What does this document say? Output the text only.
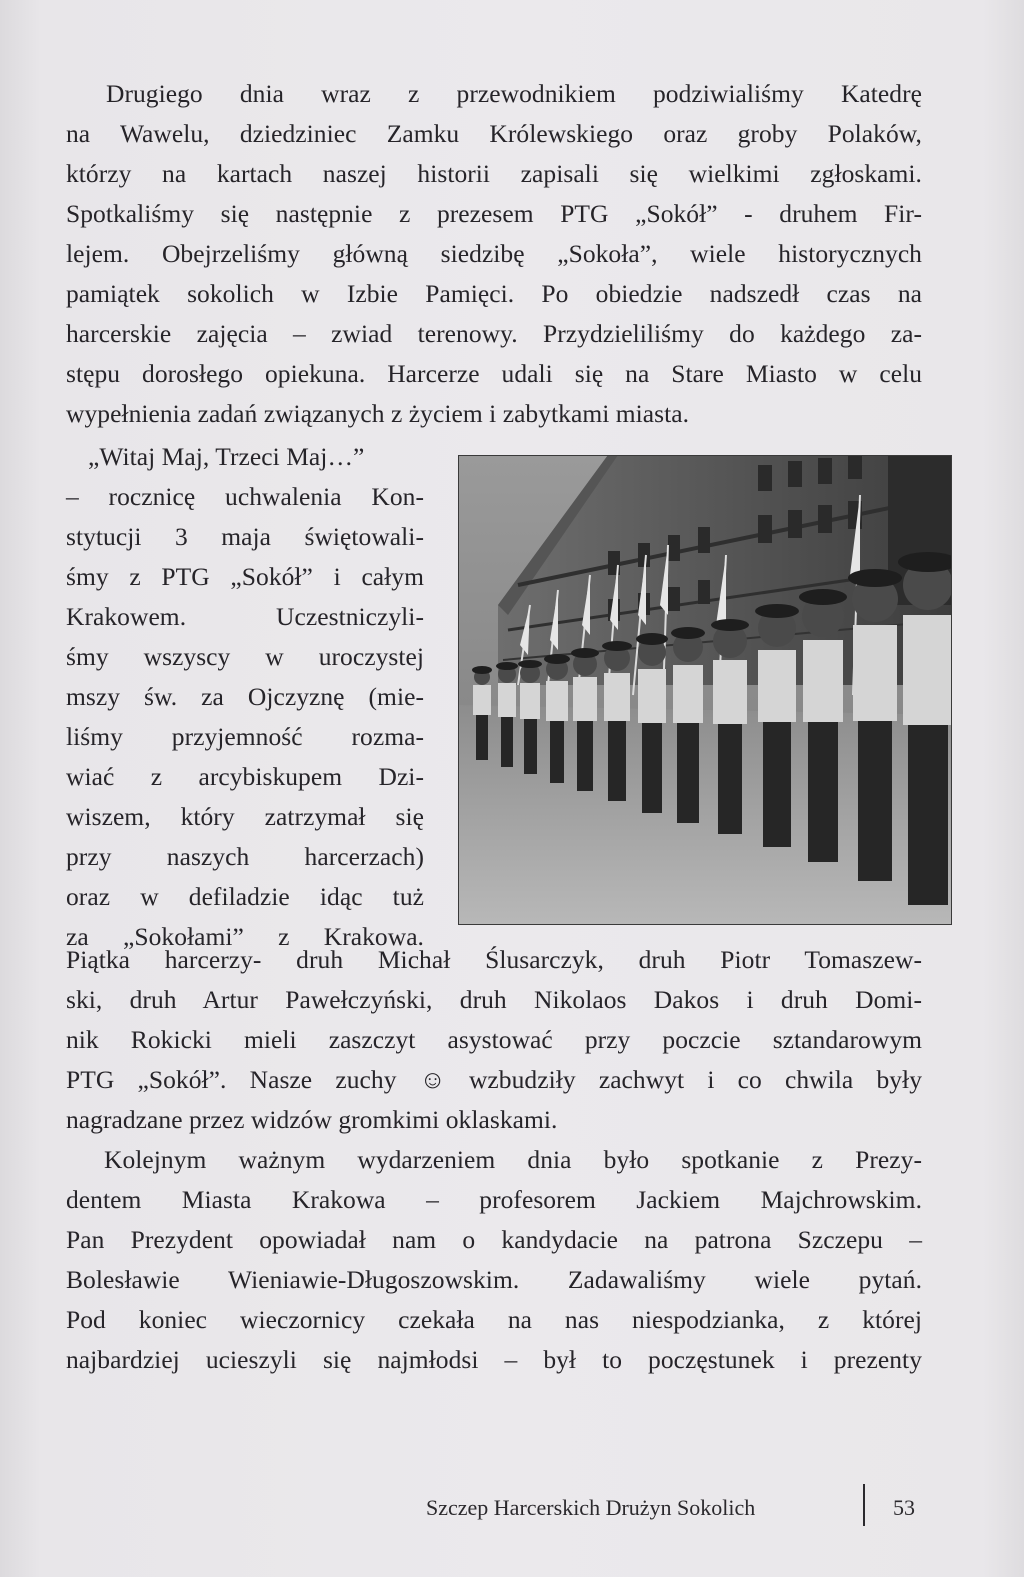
Drugiego dnia wraz z przewodnikiem podziwialiśmy Katedrę
na Wawelu, dziedziniec Zamku Królewskiego oraz groby Polaków,
którzy na kartach naszej historii zapisali się wielkimi zgłoskami.
Spotkaliśmy się następnie z prezesem PTG „Sokół” - druhem Fir-
lejem. Obejrzeliśmy główną siedzibę „Sokoła”, wiele historycznych
pamiątek sokolich w Izbie Pamięci. Po obiedzie nadszedł czas na
harcerskie zajęcia – zwiad terenowy. Przydzieliliśmy do każdego za-
stępu dorosłego opiekuna. Harcerze udali się na Stare Miasto w celu
wypełnienia zadań związanych z życiem i zabytkami miasta.
„Witaj Maj, Trzeci Maj…”
– rocznicę uchwalenia Kon-
stytucji 3 maja świętowali-
śmy z PTG „Sokół” i całym
Krakowem. Uczestniczyli-
śmy wszyscy w uroczystej
mszy św. za Ojczyznę (mie-
liśmy przyjemność rozma-
wiać z arcybiskupem Dzi-
wiszem, który zatrzymał się
przy naszych harcerzach)
oraz w defiladzie idąc tuż
za „Sokołami” z Krakowa.
Piątka harcerzy- druh Michał Ślusarczyk, druh Piotr Tomaszew-
ski, druh Artur Pawełczyński, druh Nikolaos Dakos i druh Domi-
nik Rokicki mieli zaszczyt asystować przy poczcie sztandarowym
PTG „Sokół”. Nasze zuchy ☺ wzbudziły zachwyt i co chwila były
nagradzane przez widzów gromkimi oklaskami.
Kolejnym ważnym wydarzeniem dnia było spotkanie z Prezy-
dentem Miasta Krakowa – profesorem Jackiem Majchrowskim.
Pan Prezydent opowiadał nam o kandydacie na patrona Szczepu –
Bolesławie Wieniawie-Długoszowskim. Zadawaliśmy wiele pytań.
Pod koniec wieczornicy czekała na nas niespodzianka, z której
najbardziej ucieszyli się najmłodsi – był to poczęstunek i prezenty
Szczep Harcerskich Drużyn Sokolich	53
